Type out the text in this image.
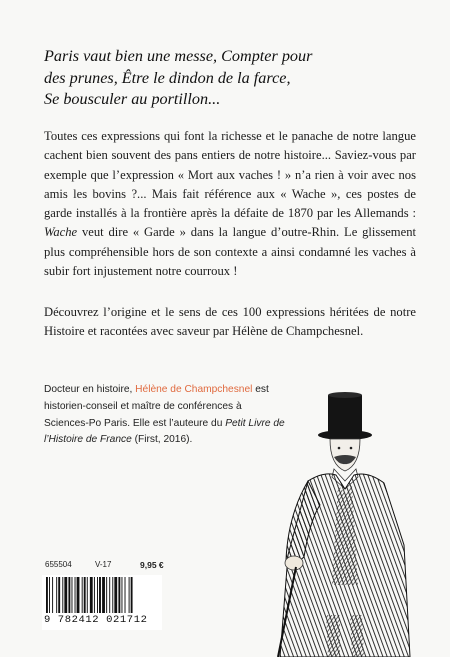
Paris vaut bien une messe, Compter pour
des prunes, Être le dindon de la farce,
Se bousculer au portillon...
Toutes ces expressions qui font la richesse et le panache de notre langue cachent bien souvent des pans entiers de notre histoire... Saviez-vous par exemple que l’expression « Mort aux vaches ! » n’a rien à voir avec nos amis les bovins ?... Mais fait référence aux « Wache », ces postes de garde installés à la frontière après la défaite de 1870 par les Allemands : Wache veut dire « Garde » dans la langue d’outre-Rhin. Le glissement plus compréhensible hors de son contexte a ainsi condamné les vaches à subir fort injustement notre courroux !
Découvrez l’origine et le sens de ces 100 expressions héritées de notre Histoire et racontées avec saveur par Hélène de Champchesnel.
Docteur en histoire, Hélène de Champchesnel est historien-conseil et maître de conférences à Sciences-Po Paris. Elle est l’auteure du Petit Livre de l’Histoire de France (First, 2016).
655504	V-17	9,95 €
9 782412 021712
